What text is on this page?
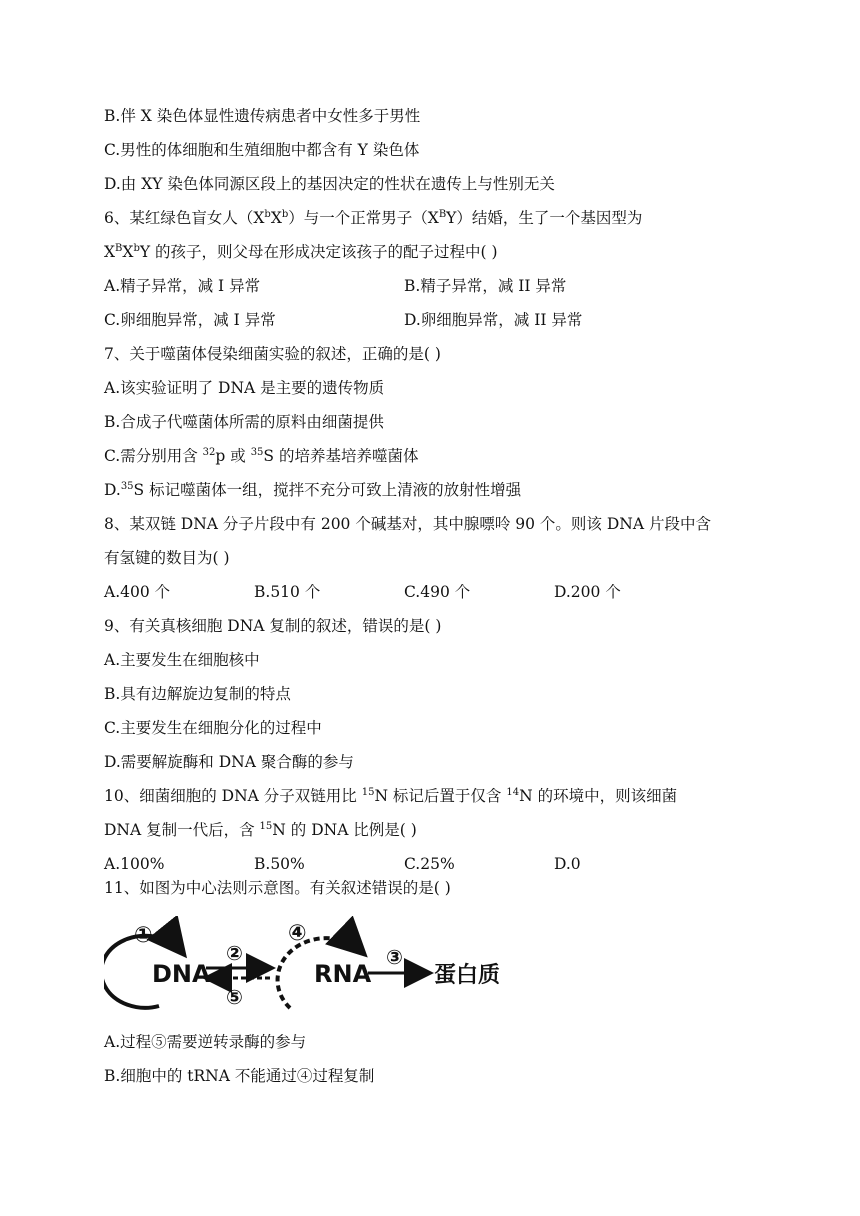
B.伴 X 染色体显性遗传病患者中女性多于男性
C.男性的体细胞和生殖细胞中都含有 Y 染色体
D.由 XY 染色体同源区段上的基因决定的性状在遗传上与性别无关
6、某红绿色盲女人$(X^bX^b)$与一个正常男子$(X^BY)$结婚，生了一个基因型为
$X^BX^bY$ 的孩子，则父母在形成决定该孩子的配子过程中( )
A.精子异常，减 I 异常	B.精子异常，减 II 异常
C.卵细胞异常，减 I 异常	D.卵细胞异常，减 II 异常
7、关于噬菌体侵染细菌实验的叙述，正确的是( )
A.该实验证明了 DNA 是主要的遗传物质
B.合成子代噬菌体所需的原料由细菌提供
C.需分别用含 $^{32}$p 或 $^{35}$S 的培养基培养噬菌体
D.$^{35}$S 标记噬菌体一组，搅拌不充分可致上清液的放射性增强
8、某双链 DNA 分子片段中有 200 个碱基对，其中腺嘌呤 90 个。则该 DNA 片段中含
有氢键的数目为( )
A.400 个	B.510 个	C.490 个	D.200 个
9、有关真核细胞 DNA 复制的叙述，错误的是( )
A.主要发生在细胞核中
B.具有边解旋边复制的特点
C.主要发生在细胞分化的过程中
D.需要解旋酶和 DNA 聚合酶的参与
10、细菌细胞的 DNA 分子双链用比 $^{15}$N 标记后置于仅含 $^{14}$N 的环境中，则该细菌
DNA 复制一代后，含 $^{15}$N 的 DNA 比例是( )
A.100%	B.50%	C.25%	D.0
11、如图为中心法则示意图。有关叙述错误的是( )
①
DNA
②
⑤
④
RNA
③
蛋白质
A.过程⑤需要逆转录酶的参与
B.细胞中的 tRNA 不能通过④过程复制
